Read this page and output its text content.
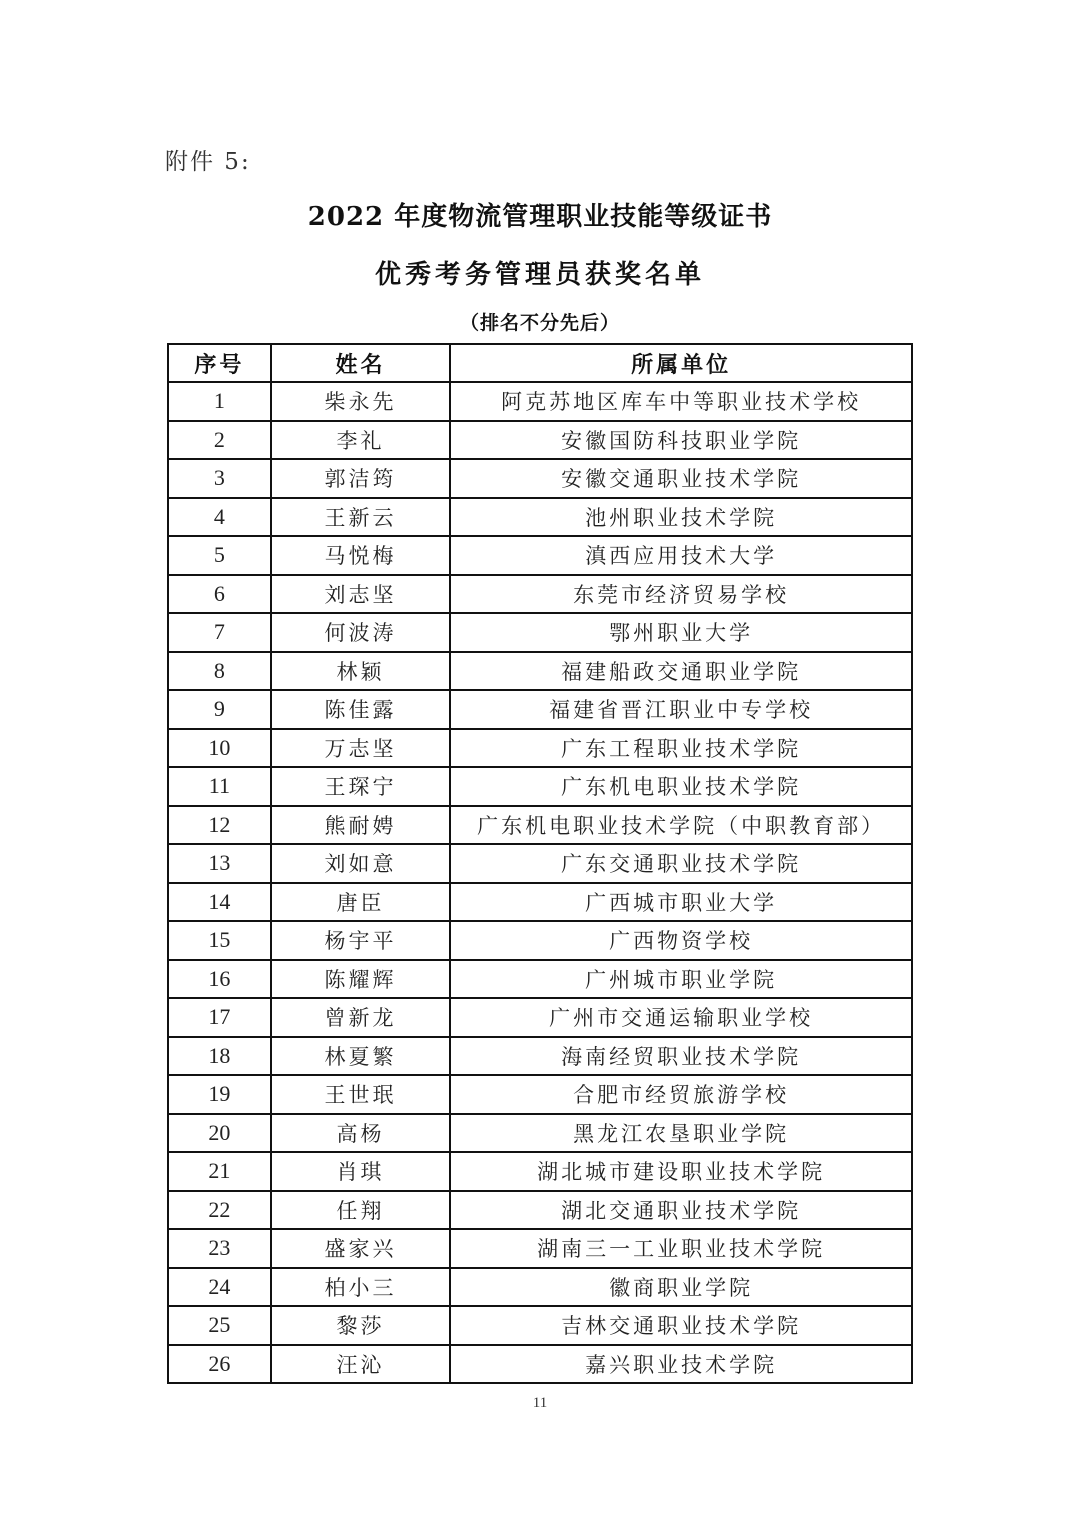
附件 5:
2022 年度物流管理职业技能等级证书
优秀考务管理员获奖名单
（排名不分先后）
序号	姓名	所属单位
1	柴永先	阿克苏地区库车中等职业技术学校
2	李礼	安徽国防科技职业学院
3	郭洁筠	安徽交通职业技术学院
4	王新云	池州职业技术学院
5	马悦梅	滇西应用技术大学
6	刘志坚	东莞市经济贸易学校
7	何波涛	鄂州职业大学
8	林颖	福建船政交通职业学院
9	陈佳露	福建省晋江职业中专学校
10	万志坚	广东工程职业技术学院
11	王琛宁	广东机电职业技术学院
12	熊耐娉	广东机电职业技术学院（中职教育部）
13	刘如意	广东交通职业技术学院
14	唐臣	广西城市职业大学
15	杨宇平	广西物资学校
16	陈耀辉	广州城市职业学院
17	曾新龙	广州市交通运输职业学校
18	林夏繁	海南经贸职业技术学院
19	王世珉	合肥市经贸旅游学校
20	高杨	黑龙江农垦职业学院
21	肖琪	湖北城市建设职业技术学院
22	任翔	湖北交通职业技术学院
23	盛家兴	湖南三一工业职业技术学院
24	柏小三	徽商职业学院
25	黎莎	吉林交通职业技术学院
26	汪沁	嘉兴职业技术学院
11
